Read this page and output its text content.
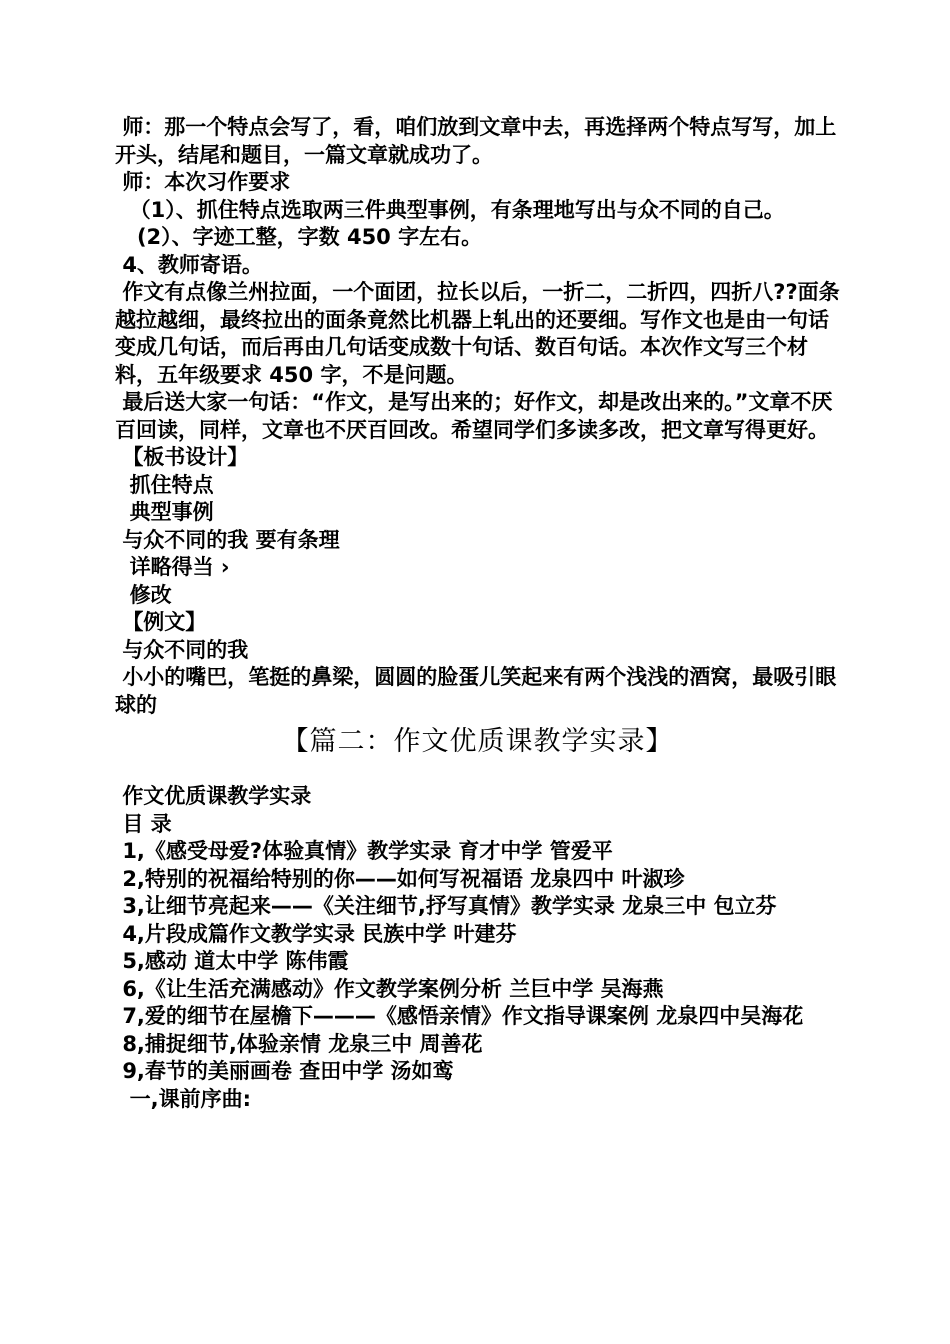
师：那一个特点会写了，看，咱们放到文章中去，再选择两个特点写写，加上开头，结尾和题目，一篇文章就成功了。

师：本次习作要求

（1）、抓住特点选取两三件典型事例，有条理地写出与众不同的自己。

(2）、字迹工整，字数 450 字左右。

4、教师寄语。

作文有点像兰州拉面，一个面团，拉长以后，一折二，二折四，四折八??面条越拉越细，最终拉出的面条竟然比机器上轧出的还要细。写作文也是由一句话变成几句话，而后再由几句话变成数十句话、数百句话。本次作文写三个材料，五年级要求 450 字，不是问题。

最后送大家一句话：“作文，是写出来的；好作文，却是改出来的。”文章不厌百回读，同样，文章也不厌百回改。希望同学们多读多改，把文章写得更好。

【板书设计】

抓住特点

典型事例

与众不同的我 要有条理

详略得当 ›

修改

【例文】

与众不同的我

小小的嘴巴，笔挺的鼻梁，圆圆的脸蛋儿笑起来有两个浅浅的酒窝，最吸引眼球的

【篇二：作文优质课教学实录】

作文优质课教学实录

目 录

1,《感受母爱?体验真情》教学实录 育才中学 管爱平

2,特别的祝福给特别的你——如何写祝福语 龙泉四中 叶淑珍

3,让细节亮起来——《关注细节,抒写真情》教学实录 龙泉三中 包立芬

4,片段成篇作文教学实录 民族中学 叶建芬

5,感动 道太中学 陈伟霞

6,《让生活充满感动》作文教学案例分析 兰巨中学 吴海燕

7,爱的细节在屋檐下———《感悟亲情》作文指导课案例 龙泉四中吴海花

8,捕捉细节,体验亲情 龙泉三中 周善花

9,春节的美丽画卷 查田中学 汤如鸾

一,课前序曲:
